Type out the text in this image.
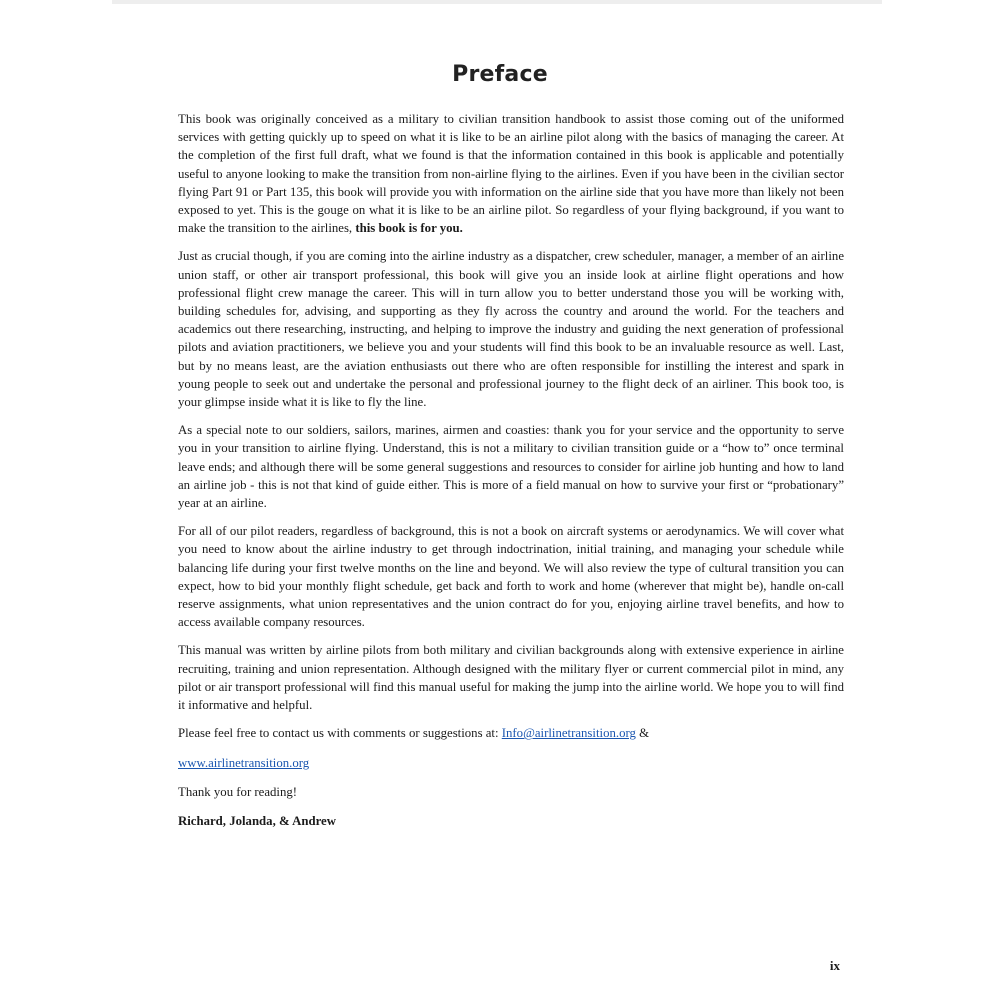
Preface

This book was originally conceived as a military to civilian transition handbook to assist those coming out of the uniformed services with getting quickly up to speed on what it is like to be an airline pilot along with the basics of managing the career. At the completion of the first full draft, what we found is that the information contained in this book is applicable and potentially useful to anyone looking to make the transition from non-airline flying to the airlines. Even if you have been in the civilian sector flying Part 91 or Part 135, this book will provide you with information on the airline side that you have more than likely not been exposed to yet. This is the gouge on what it is like to be an airline pilot. So regardless of your flying background, if you want to make the transition to the airlines, this book is for you.

Just as crucial though, if you are coming into the airline industry as a dispatcher, crew scheduler, manager, a member of an airline union staff, or other air transport professional, this book will give you an inside look at airline flight operations and how professional flight crew manage the career. This will in turn allow you to better understand those you will be working with, building schedules for, advising, and supporting as they fly across the country and around the world. For the teachers and academics out there researching, instructing, and helping to improve the industry and guiding the next generation of professional pilots and aviation practitioners, we believe you and your students will find this book to be an invaluable resource as well. Last, but by no means least, are the aviation enthusiasts out there who are often responsible for instilling the interest and spark in young people to seek out and undertake the personal and professional journey to the flight deck of an airliner. This book too, is your glimpse inside what it is like to fly the line.

As a special note to our soldiers, sailors, marines, airmen and coasties: thank you for your service and the opportunity to serve you in your transition to airline flying. Understand, this is not a military to civilian transition guide or a “how to” once terminal leave ends; and although there will be some general suggestions and resources to consider for airline job hunting and how to land an airline job - this is not that kind of guide either. This is more of a field manual on how to survive your first or “probationary” year at an airline.

For all of our pilot readers, regardless of background, this is not a book on aircraft systems or aerodynamics. We will cover what you need to know about the airline industry to get through indoctrination, initial training, and managing your schedule while balancing life during your first twelve months on the line and beyond. We will also review the type of cultural transition you can expect, how to bid your monthly flight schedule, get back and forth to work and home (wherever that might be), handle on-call reserve assignments, what union representatives and the union contract do for you, enjoying airline travel benefits, and how to access available company resources.

This manual was written by airline pilots from both military and civilian backgrounds along with extensive experience in airline recruiting, training and union representation. Although designed with the military flyer or current commercial pilot in mind, any pilot or air transport professional will find this manual useful for making the jump into the airline world. We hope you to will find it informative and helpful.

Please feel free to contact us with comments or suggestions at: Info@airlinetransition.org &

www.airlinetransition.org

Thank you for reading!

Richard, Jolanda, & Andrew

ix
